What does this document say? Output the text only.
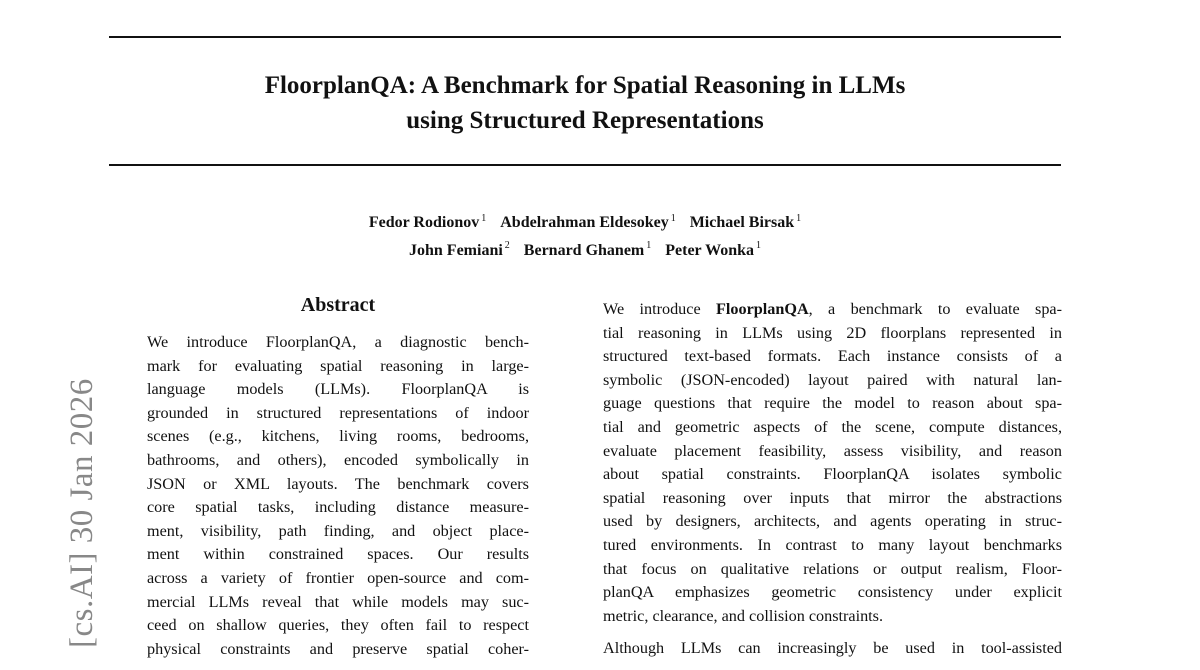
[cs.AI] 30 Jan 2026
FloorplanQA: A Benchmark for Spatial Reasoning in LLMs
using Structured Representations
Fedor Rodionov $^1$ Abdelrahman Eldesokey $^1$ Michael Birsak $^1$
John Femiani $^2$ Bernard Ghanem $^1$ Peter Wonka $^1$
Abstract
We introduce FloorplanQA, a diagnostic bench-
mark for evaluating spatial reasoning in large-
language models (LLMs). FloorplanQA is
grounded in structured representations of indoor
scenes (e.g., kitchens, living rooms, bedrooms,
bathrooms, and others), encoded symbolically in
JSON or XML layouts. The benchmark covers
core spatial tasks, including distance measure-
ment, visibility, path finding, and object place-
ment within constrained spaces. Our results
across a variety of frontier open-source and com-
mercial LLMs reveal that while models may suc-
ceed on shallow queries, they often fail to respect
physical constraints and preserve spatial coher-

We introduce FloorplanQA, a benchmark to evaluate spa-
tial reasoning in LLMs using 2D floorplans represented in
structured text-based formats. Each instance consists of a
symbolic (JSON-encoded) layout paired with natural lan-
guage questions that require the model to reason about spa-
tial and geometric aspects of the scene, compute distances,
evaluate placement feasibility, assess visibility, and reason
about spatial constraints. FloorplanQA isolates symbolic
spatial reasoning over inputs that mirror the abstractions
used by designers, architects, and agents operating in struc-
tured environments. In contrast to many layout benchmarks
that focus on qualitative relations or output realism, Floor-
planQA emphasizes geometric consistency under explicit
metric, clearance, and collision constraints.

Although LLMs can increasingly be used in tool-assisted
